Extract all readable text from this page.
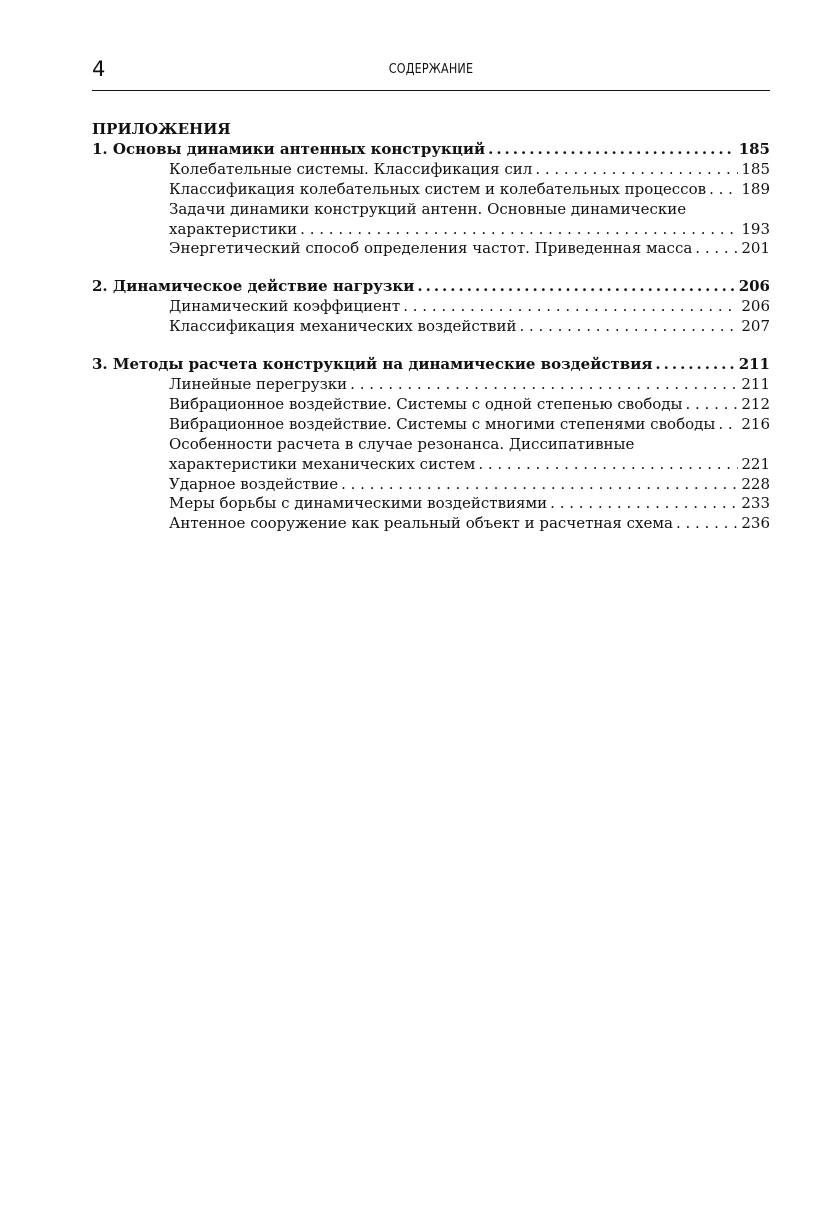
4	СОДЕРЖАНИЕ
ПРИЛОЖЕНИЯ
1. Основы динамики антенных конструкций .....	185
Колебательные системы. Классификация сил . . .	185
Классификация колебательных систем и колебательных процессов . . . 189
Задачи динамики конструкций антенн. Основные динамические
характеристики . . .	193
Энергетический способ определения частот. Приведенная масса . . .	201
2. Динамическое действие нагрузки .....	206
Динамический коэффициент . . .	206
Классификация механических воздействий . . .	207
3. Методы расчета конструкций на динамические воздействия .....	211
Линейные перегрузки . . .	211
Вибрационное воздействие. Системы с одной степенью свободы . . .	212
Вибрационное воздействие. Системы с многими степенями свободы . . . 216
Особенности расчета в случае резонанса. Диссипативные
характеристики механических систем . . .	221
Ударное воздействие . . .	228
Меры борьбы с динамическими воздействиями . . .	233
Антенное сооружение как реальный объект и расчетная схема . . .	236
